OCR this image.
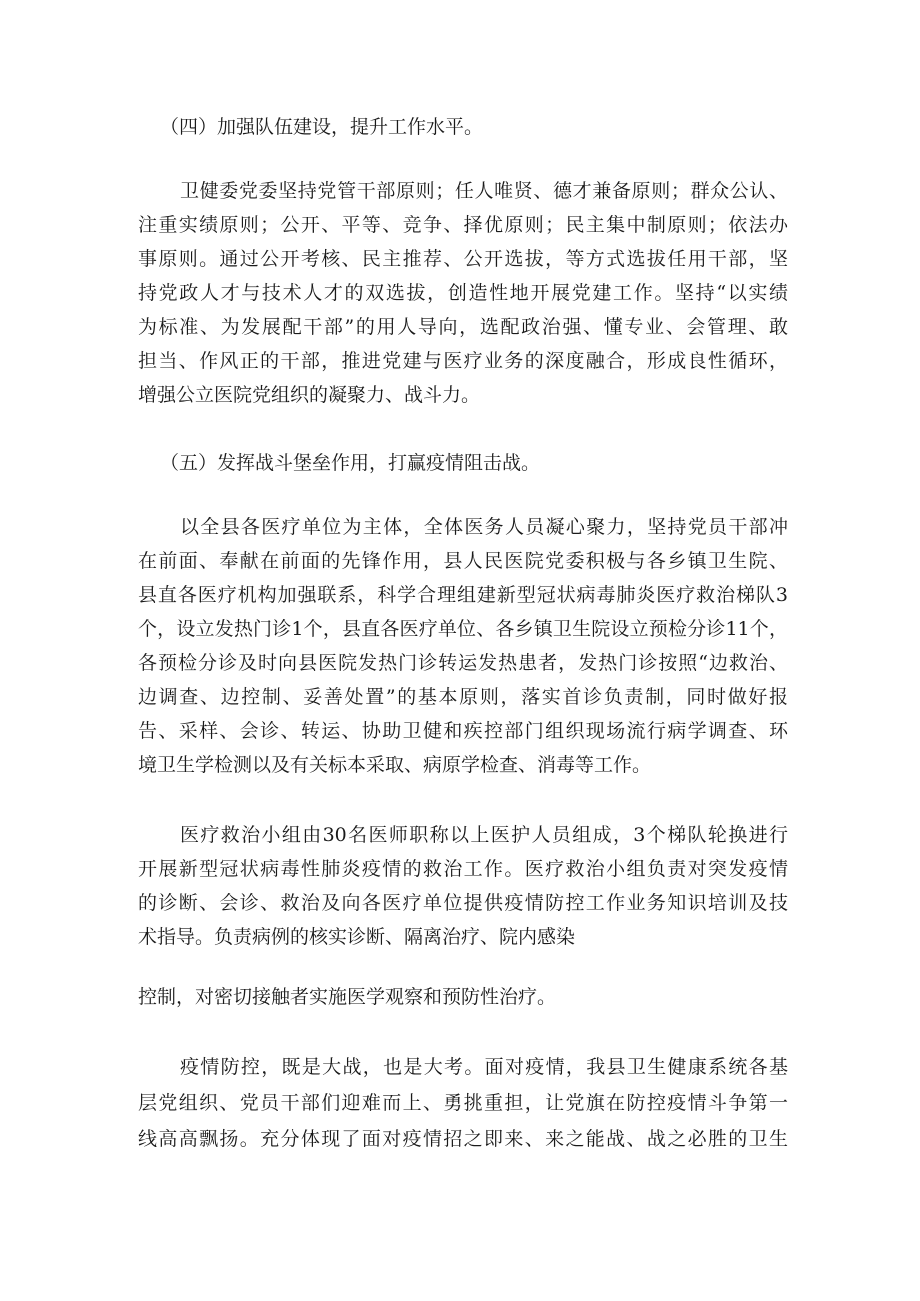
（四）加强队伍建设，提升工作水平。
卫健委党委坚持党管干部原则；任人唯贤、德才兼备原则；群众公认、
注重实绩原则；公开、平等、竞争、择优原则；民主集中制原则；依法办
事原则。通过公开考核、民主推荐、公开选拔，等方式选拔任用干部，坚
持党政人才与技术人才的双选拔，创造性地开展党建工作。坚持“以实绩
为标准、为发展配干部”的用人导向，选配政治强、懂专业、会管理、敢
担当、作风正的干部，推进党建与医疗业务的深度融合，形成良性循环，
增强公立医院党组织的凝聚力、战斗力。
（五）发挥战斗堡垒作用，打赢疫情阻击战。
以全县各医疗单位为主体，全体医务人员凝心聚力，坚持党员干部冲
在前面、奉献在前面的先锋作用，县人民医院党委积极与各乡镇卫生院、
县直各医疗机构加强联系，科学合理组建新型冠状病毒肺炎医疗救治梯队3
个，设立发热门诊1个，县直各医疗单位、各乡镇卫生院设立预检分诊11个，
各预检分诊及时向县医院发热门诊转运发热患者，发热门诊按照“边救治、
边调查、边控制、妥善处置”的基本原则，落实首诊负责制，同时做好报
告、采样、会诊、转运、协助卫健和疾控部门组织现场流行病学调查、环
境卫生学检测以及有关标本采取、病原学检查、消毒等工作。
医疗救治小组由30名医师职称以上医护人员组成，3个梯队轮换进行
开展新型冠状病毒性肺炎疫情的救治工作。医疗救治小组负责对突发疫情
的诊断、会诊、救治及向各医疗单位提供疫情防控工作业务知识培训及技
术指导。负责病例的核实诊断、隔离治疗、院内感染
控制，对密切接触者实施医学观察和预防性治疗。
疫情防控，既是大战，也是大考。面对疫情，我县卫生健康系统各基
层党组织、党员干部们迎难而上、勇挑重担，让党旗在防控疫情斗争第一
线高高飘扬。充分体现了面对疫情招之即来、来之能战、战之必胜的卫生
